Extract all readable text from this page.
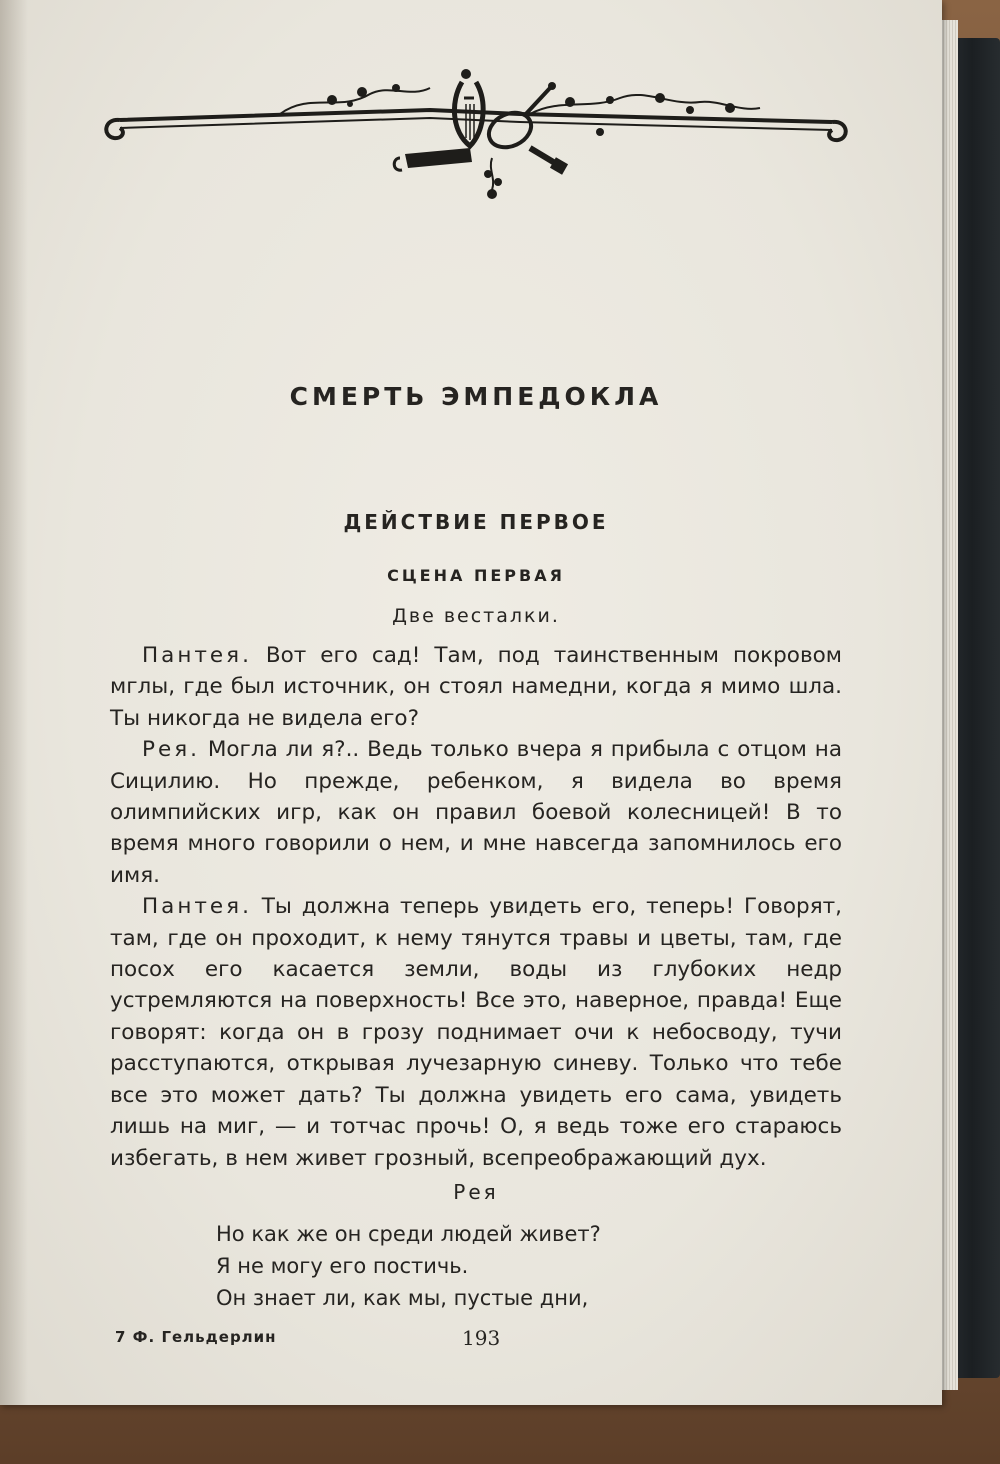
СМЕРТЬ ЭМПЕДОКЛА
ДЕЙСТВИЕ ПЕРВОЕ
СЦЕНА ПЕРВАЯ
Две весталки.

Пантея. Вот его сад! Там, под таинственным покровом мглы, где был источник, он стоял намедни, когда я мимо шла. Ты никогда не видела его?

Рея. Могла ли я?.. Ведь только вчера я прибыла с отцом на Сицилию. Но прежде, ребенком, я видела во время олимпийских игр, как он правил боевой колесницей! В то время много говорили о нем, и мне навсегда запомнилось его имя.

Пантея. Ты должна теперь увидеть его, теперь! Говорят, там, где он проходит, к нему тянутся травы и цветы, там, где посох его касается земли, воды из глубоких недр устремляются на поверхность! Все это, наверное, правда! Еще говорят: когда он в грозу поднимает очи к небосводу, тучи расступаются, открывая лучезарную синеву. Только что тебе все это может дать? Ты должна увидеть его сама, увидеть лишь на миг, — и тотчас прочь! О, я ведь тоже его стараюсь избегать, в нем живет грозный, всепреображающий дух.

Рея
Но как же он среди людей живет?
Я не могу его постичь.
Он знает ли, как мы, пустые дни,
7 Ф. Гельдерлин	193
